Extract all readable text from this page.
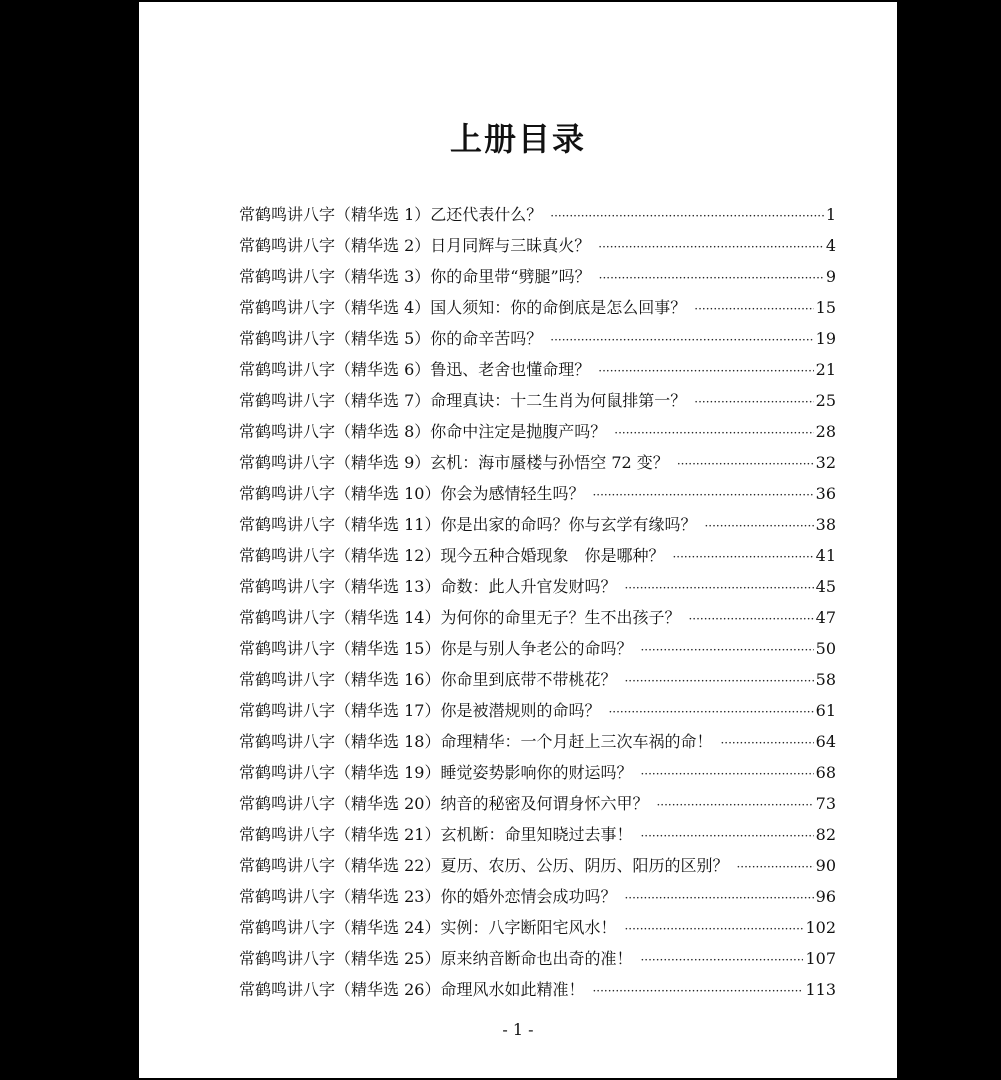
上册目录
常鹤鸣讲八字（精华选 1）乙还代表什么？ ·····	1
常鹤鸣讲八字（精华选 2）日月同辉与三昧真火？ ·····	4
常鹤鸣讲八字（精华选 3）你的命里带“劈腿”吗？ ·····	9
常鹤鸣讲八字（精华选 4）国人须知：你的命倒底是怎么回事？ ·····	15
常鹤鸣讲八字（精华选 5）你的命辛苦吗？ ·····	19
常鹤鸣讲八字（精华选 6）鲁迅、老舍也懂命理？ ·····	21
常鹤鸣讲八字（精华选 7）命理真诀：十二生肖为何鼠排第一？ ·····	25
常鹤鸣讲八字（精华选 8）你命中注定是抛腹产吗？ ·····	28
常鹤鸣讲八字（精华选 9）玄机：海市蜃楼与孙悟空 72 变？ ·····	32
常鹤鸣讲八字（精华选 10）你会为感情轻生吗？ ·····	36
常鹤鸣讲八字（精华选 11）你是出家的命吗？你与玄学有缘吗？ ·····	38
常鹤鸣讲八字（精华选 12）现今五种合婚现象　你是哪种？ ·····	41
常鹤鸣讲八字（精华选 13）命数：此人升官发财吗？ ·····	45
常鹤鸣讲八字（精华选 14）为何你的命里无子？生不出孩子？ ·····	47
常鹤鸣讲八字（精华选 15）你是与别人争老公的命吗？ ·····	50
常鹤鸣讲八字（精华选 16）你命里到底带不带桃花？ ·····	58
常鹤鸣讲八字（精华选 17）你是被潜规则的命吗？ ·····	61
常鹤鸣讲八字（精华选 18）命理精华：一个月赶上三次车祸的命！ ·····	64
常鹤鸣讲八字（精华选 19）睡觉姿势影响你的财运吗？ ·····	68
常鹤鸣讲八字（精华选 20）纳音的秘密及何谓身怀六甲？ ·····	73
常鹤鸣讲八字（精华选 21）玄机断：命里知晓过去事！ ·····	82
常鹤鸣讲八字（精华选 22）夏历、农历、公历、阴历、阳历的区别？ ·····	90
常鹤鸣讲八字（精华选 23）你的婚外恋情会成功吗？ ·····	96
常鹤鸣讲八字（精华选 24）实例：八字断阳宅风水！ ·····	102
常鹤鸣讲八字（精华选 25）原来纳音断命也出奇的准！ ·····	107
常鹤鸣讲八字（精华选 26）命理风水如此精准！ ·····	113
- 1 -
